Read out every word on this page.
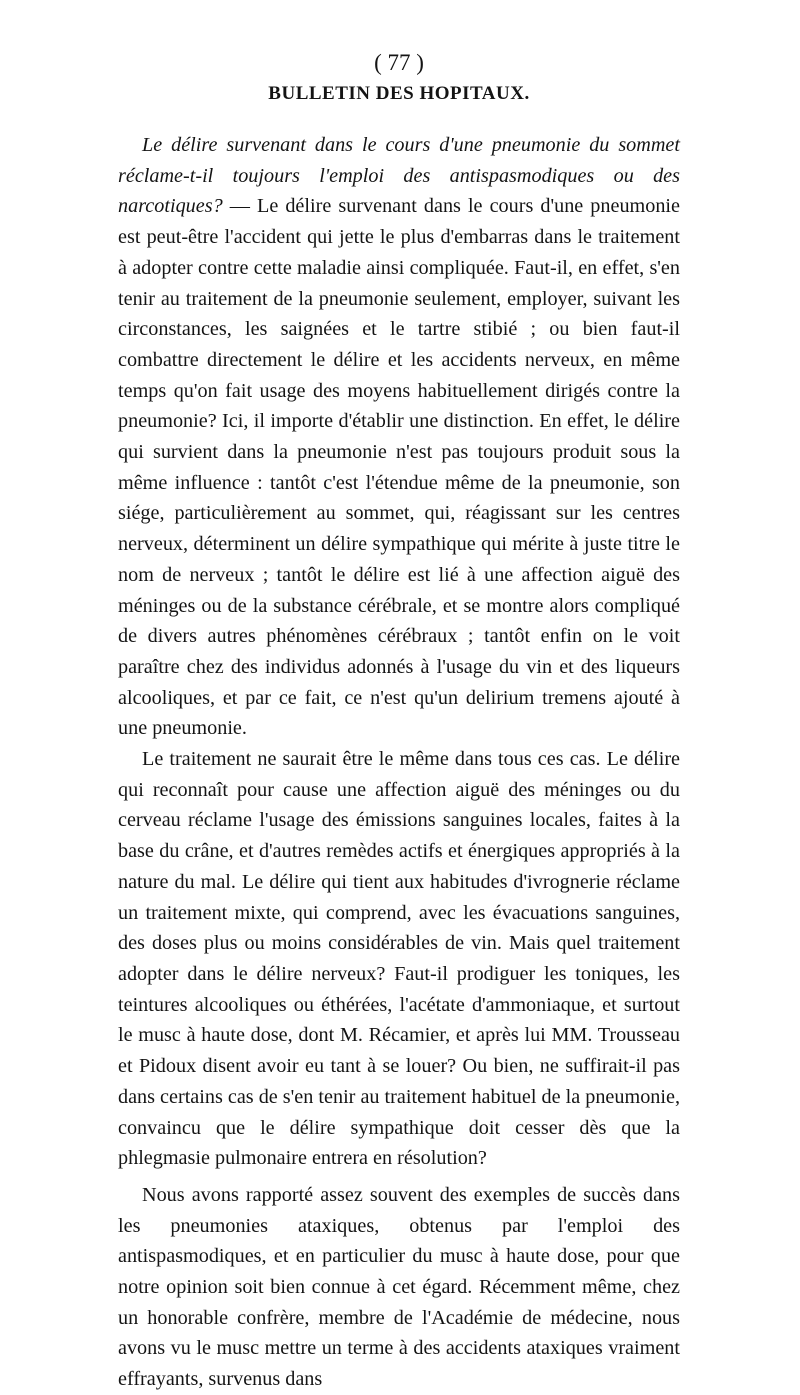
( 77 )
BULLETIN DES HOPITAUX.

Le délire survenant dans le cours d'une pneumonie du sommet réclame-t-il toujours l'emploi des antispasmodiques ou des narcotiques? — Le délire survenant dans le cours d'une pneumonie est peut-être l'accident qui jette le plus d'embarras dans le traitement à adopter contre cette maladie ainsi compliquée. Faut-il, en effet, s'en tenir au traitement de la pneumonie seulement, employer, suivant les circonstances, les saignées et le tartre stibié ; ou bien faut-il combattre directement le délire et les accidents nerveux, en même temps qu'on fait usage des moyens habituellement dirigés contre la pneumonie? Ici, il importe d'établir une distinction. En effet, le délire qui survient dans la pneumonie n'est pas toujours produit sous la même influence : tantôt c'est l'étendue même de la pneumonie, son siége, particulièrement au sommet, qui, réagissant sur les centres nerveux, déterminent un délire sympathique qui mérite à juste titre le nom de nerveux ; tantôt le délire est lié à une affection aiguë des méninges ou de la substance cérébrale, et se montre alors compliqué de divers autres phénomènes cérébraux ; tantôt enfin on le voit paraître chez des individus adonnés à l'usage du vin et des liqueurs alcooliques, et par ce fait, ce n'est qu'un delirium tremens ajouté à une pneumonie.

Le traitement ne saurait être le même dans tous ces cas. Le délire qui reconnaît pour cause une affection aiguë des méninges ou du cerveau réclame l'usage des émissions sanguines locales, faites à la base du crâne, et d'autres remèdes actifs et énergiques appropriés à la nature du mal. Le délire qui tient aux habitudes d'ivrognerie réclame un traitement mixte, qui comprend, avec les évacuations sanguines, des doses plus ou moins considérables de vin. Mais quel traitement adopter dans le délire nerveux? Faut-il prodiguer les toniques, les teintures alcooliques ou éthérées, l'acétate d'ammoniaque, et surtout le musc à haute dose, dont M. Récamier, et après lui MM. Trousseau et Pidoux disent avoir eu tant à se louer? Ou bien, ne suffirait-il pas dans certains cas de s'en tenir au traitement habituel de la pneumonie, convaincu que le délire sympathique doit cesser dès que la phlegmasie pulmonaire entrera en résolution?

Nous avons rapporté assez souvent des exemples de succès dans les pneumonies ataxiques, obtenus par l'emploi des antispasmodiques, et en particulier du musc à haute dose, pour que notre opinion soit bien connue à cet égard. Récemment même, chez un honorable confrère, membre de l'Académie de médecine, nous avons vu le musc mettre un terme à des accidents ataxiques vraiment effrayants, survenus dans
